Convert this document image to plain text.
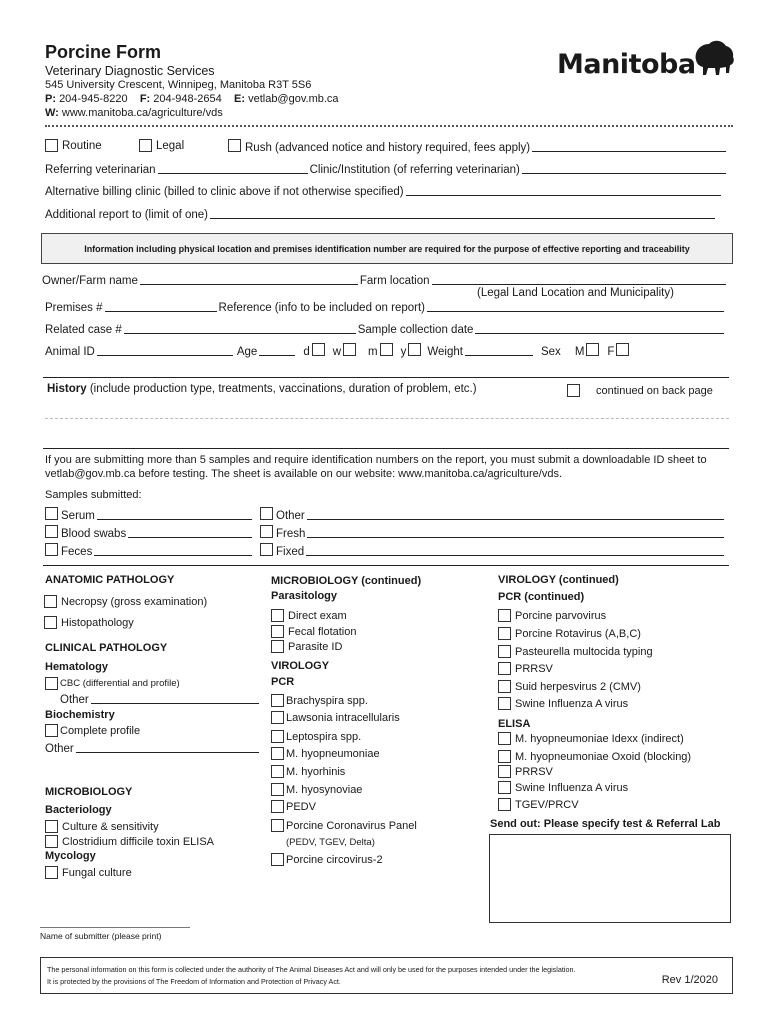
Porcine Form
Veterinary Diagnostic Services
545 University Crescent, Winnipeg, Manitoba R3T 5S6
P: 204-945-8220 F: 204-948-2654 E: vetlab@gov.mb.ca
W: www.manitoba.ca/agriculture/vds
Manitoba
Routine	Legal	Rush (advanced notice and history required, fees apply)
Referring veterinarian	Clinic/Institution (of referring veterinarian)
Alternative billing clinic (billed to clinic above if not otherwise specified)
Additional report to (limit of one)
Information including physical location and premises identification number are required for the purpose of effective reporting and traceability
Owner/Farm name	Farm location
(Legal Land Location and Municipality)
Premises #	Reference (info to be included on report)
Related case #	Sample collection date
Animal ID	Age	d w m y Weight	Sex M F
History (include production type, treatments, vaccinations, duration of problem, etc.)	continued on back page
If you are submitting more than 5 samples and require identification numbers on the report, you must submit a downloadable ID sheet to
vetlab@gov.mb.ca before testing. The sheet is available on our website: www.manitoba.ca/agriculture/vds.
Samples submitted:
Serum
Blood swabs
Feces
Other
Fresh
Fixed
ANATOMIC PATHOLOGY
Necropsy (gross examination)
Histopathology
CLINICAL PATHOLOGY
Hematology
CBC (differential and profile)
Other
Biochemistry
Complete profile
Other
MICROBIOLOGY
Bacteriology
Culture & sensitivity
Clostridium difficile toxin ELISA
Mycology
Fungal culture
MICROBIOLOGY (continued)
Parasitology
Direct exam
Fecal flotation
Parasite ID
VIROLOGY
PCR
Brachyspira spp.
Lawsonia intracellularis
Leptospira spp.
M. hyopneumoniae
M. hyorhinis
M. hyosynoviae
PEDV
Porcine Coronavirus Panel
(PEDV, TGEV, Delta)
Porcine circovirus-2
VIROLOGY (continued)
PCR (continued)
Porcine parvovirus
Porcine Rotavirus (A,B,C)
Pasteurella multocida typing
PRRSV
Suid herpesvirus 2 (CMV)
Swine Influenza A virus
ELISA
M. hyopneumoniae Idexx (indirect)
M. hyopneumoniae Oxoid (blocking)
PRRSV
Swine Influenza A virus
TGEV/PRCV
Send out: Please specify test & Referral Lab
Name of submitter (please print)
The personal information on this form is collected under the authority of The Animal Diseases Act and will only be used for the purposes intended under the legislation.
It is protected by the provisions of The Freedom of Information and Protection of Privacy Act.	Rev 1/2020
